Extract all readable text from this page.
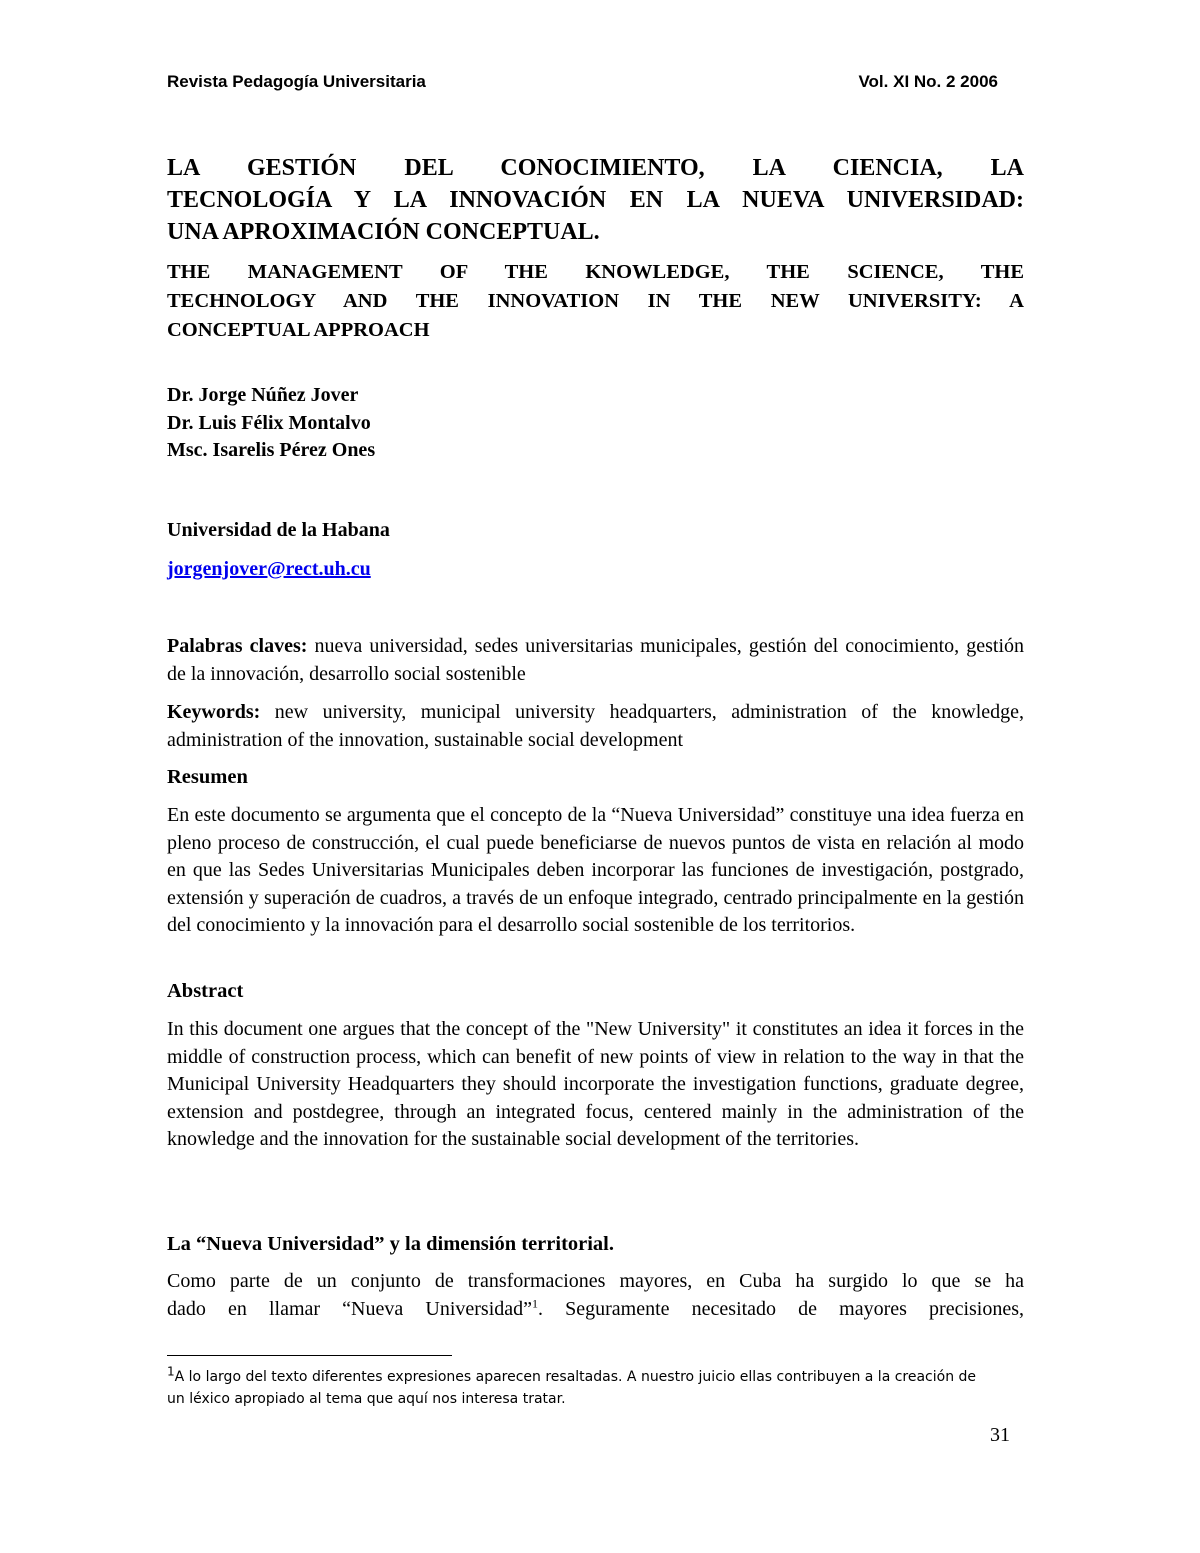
Revista Pedagogía Universitaria	Vol. XI No. 2 2006
LA GESTIÓN DEL CONOCIMIENTO, LA CIENCIA, LA
TECNOLOGÍA Y LA INNOVACIÓN EN LA NUEVA UNIVERSIDAD:
UNA APROXIMACIÓN CONCEPTUAL.
THE MANAGEMENT OF THE KNOWLEDGE, THE SCIENCE, THE
TECHNOLOGY AND THE INNOVATION IN THE NEW UNIVERSITY: A
CONCEPTUAL APPROACH
Dr. Jorge Núñez Jover
Dr. Luis Félix Montalvo
Msc. Isarelis Pérez Ones
Universidad de la Habana
jorgenjover@rect.uh.cu
Palabras claves: nueva universidad, sedes universitarias municipales, gestión del conocimiento, gestión de la innovación, desarrollo social sostenible
Keywords: new university, municipal university headquarters, administration of the knowledge, administration of the innovation, sustainable social development
Resumen
En este documento se argumenta que el concepto de la “Nueva Universidad” constituye una idea fuerza en pleno proceso de construcción, el cual puede beneficiarse de nuevos puntos de vista en relación al modo en que las Sedes Universitarias Municipales deben incorporar las funciones de investigación, postgrado, extensión y superación de cuadros, a través de un enfoque integrado, centrado principalmente en la gestión del conocimiento y la innovación para el desarrollo social sostenible de los territorios.
Abstract
In this document one argues that the concept of the "New University" it constitutes an idea it forces in the middle of construction process, which can benefit of new points of view in relation to the way in that the Municipal University Headquarters they should incorporate the investigation functions, graduate degree, extension and postdegree, through an integrated focus, centered mainly in the administration of the knowledge and the innovation for the sustainable social development of the territories.
La “Nueva Universidad” y la dimensión territorial.
Como parte de un conjunto de transformaciones mayores, en Cuba ha surgido lo que se ha
dado en llamar “Nueva Universidad”$^1$. Seguramente necesitado de mayores precisiones,
1A lo largo del texto diferentes expresiones aparecen resaltadas. A nuestro juicio ellas contribuyen a la creación de un léxico apropiado al tema que aquí nos interesa tratar.
31
